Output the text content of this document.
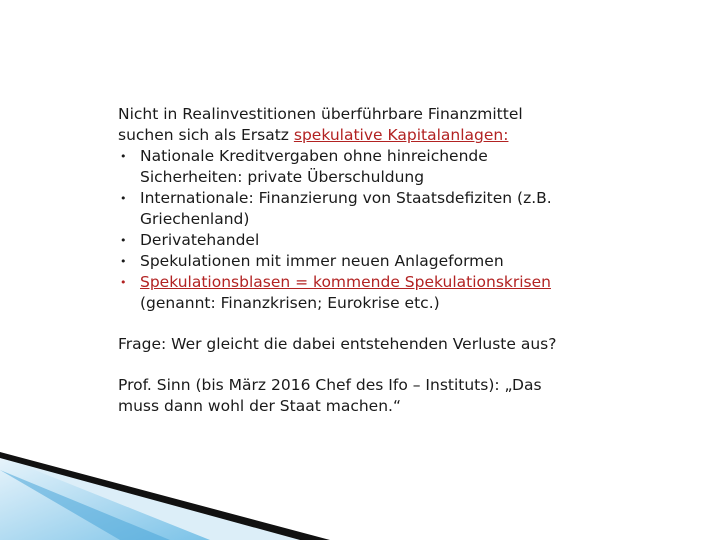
Nicht in Realinvestitionen überführbare Finanzmittel
suchen sich als Ersatz spekulative Kapitalanlagen:

• Nationale Kreditvergaben ohne hinreichende
Sicherheiten: private Überschuldung
• Internationale: Finanzierung von Staatsdefiziten (z.B.
Griechenland)
• Derivatehandel
• Spekulationen mit immer neuen Anlageformen
• Spekulationsblasen = kommende Spekulationskrisen
(genannt: Finanzkrisen; Eurokrise etc.)

Frage: Wer gleicht die dabei entstehenden Verluste aus?

Prof. Sinn (bis März 2016 Chef des Ifo – Instituts): „Das
muss dann wohl der Staat machen.“
